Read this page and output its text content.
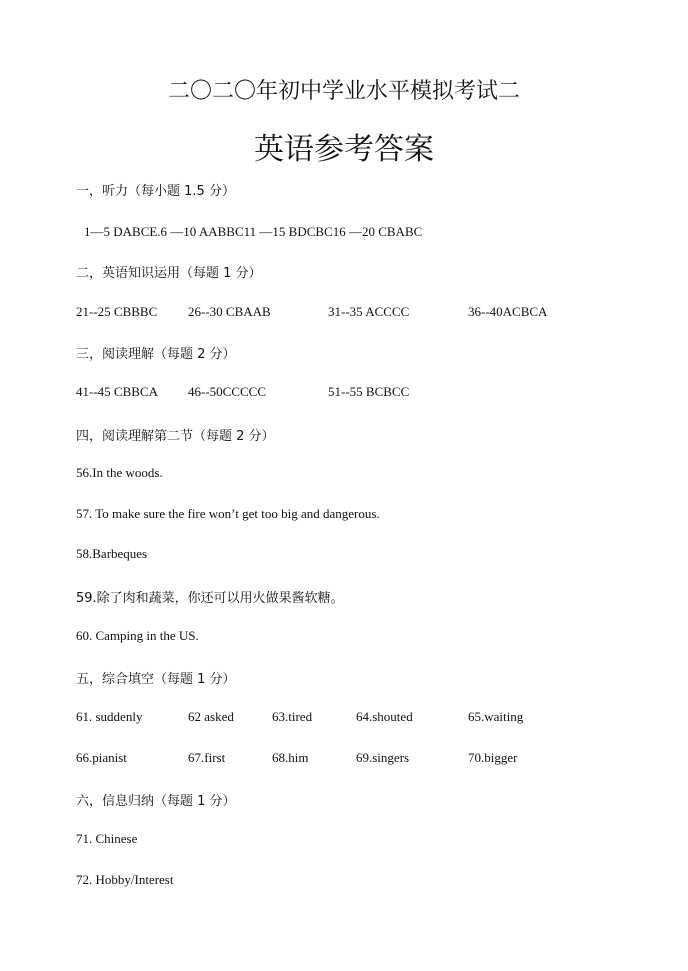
二〇二〇年初中学业水平模拟考试二
英语参考答案
一，听力（每小题 1.5 分）
1—5 DABCE.6 —10 AABBC11 —15 BDCBC16 —20 CBABC
二，英语知识运用（每题 1 分）
21--25 CBBBC 26--30 CBAAB	31--35 ACCCC	36--40ACBCA
三，阅读理解（每题 2 分）
41--45 CBBCA 46--50CCCCC	51--55 BCBCC
四，阅读理解第二节（每题 2 分）
56.In the woods.
57. To make sure the fire won’t get too big and dangerous.
58.Barbeques
59.除了肉和蔬菜，你还可以用火做果酱软糖。
60. Camping in the US.
五，综合填空（每题 1 分）
61. suddenly	62 asked	63.tired	64.shouted	65.waiting
66.pianist	67.first	68.him	69.singers	70.bigger
六，信息归纳（每题 1 分）
71. Chinese
72. Hobby/Interest
